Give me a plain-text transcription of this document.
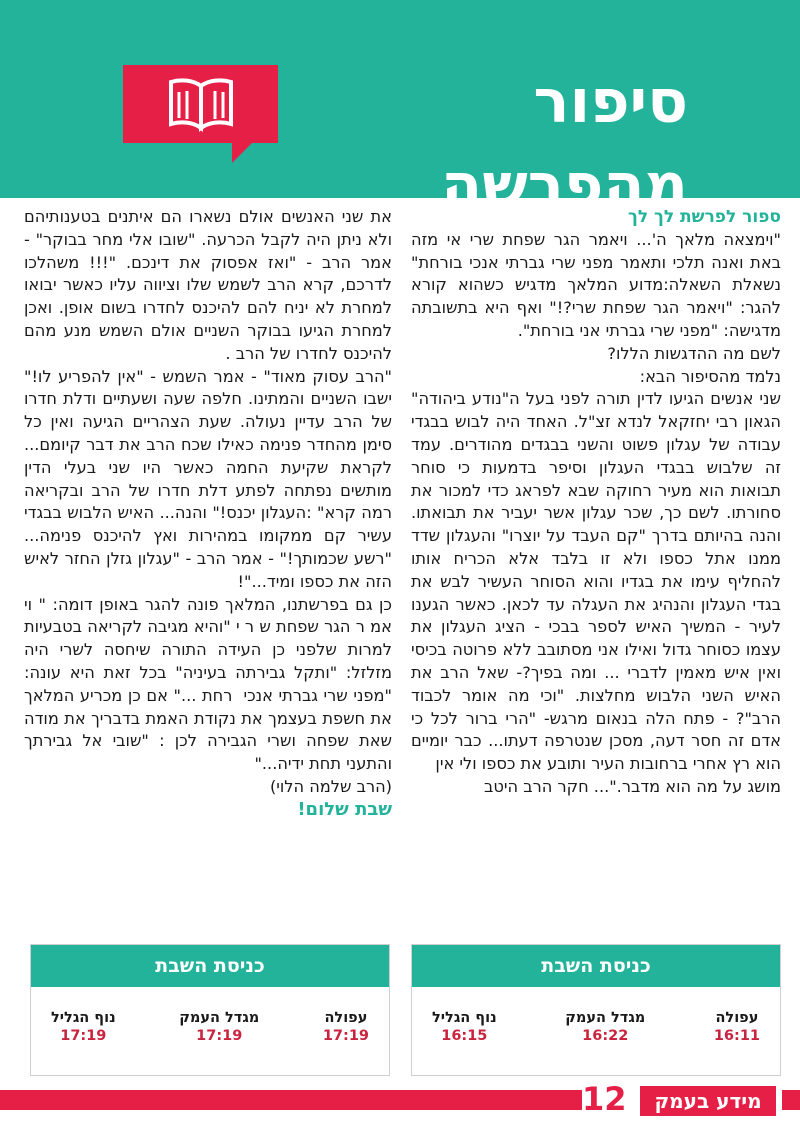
סיפור מהפרשה

ספור לפרשת לך לך

"וימצאה מלאך ה'... ויאמר הגר שפחת שרי אי מזה באת ואנה תלכי ותאמר מפני שרי גברתי אנכי בורחת" נשאלת השאלה:מדוע המלאך מדגיש כשהוא קורא להגר: "ויאמר הגר שפחת שרי?!" ואף היא בתשובתה מדגישה: "מפני שרי גברתי אני בורחת".
לשם מה ההדגשות הללו?
נלמד מהסיפור הבא:
שני אנשים הגיעו לדין תורה לפני בעל ה"נודע ביהודה" הגאון רבי יחזקאל לנדא זצ"ל. האחד היה לבוש בבגדי עבודה של עגלון פשוט והשני בבגדים מהודרים. עמד זה שלבוש בבגדי העגלון וסיפר בדמעות כי סוחר תבואות הוא מעיר רחוקה שבא לפראג כדי למכור את סחורתו. לשם כך, שכר עגלון אשר יעביר את תבואתו. והנה בהיותם בדרך "קם העבד על יוצרו" והעגלון שדד ממנו אתל כספו ולא זו בלבד אלא הכריח אותו להחליף עימו את בגדיו והוא הסוחר העשיר לבש את בגדי העגלון והנהיג את העגלה עד לכאן. כאשר הגענו לעיר - המשיך האיש לספר בבכי - הציג העגלון את עצמו כסוחר גדול ואילו אני מסתובב ללא פרוטה בכיסי ואין איש מאמין לדברי ... ומה בפיך?- שאל הרב את האיש השני הלבוש מחלצות. "וכי מה אומר לכבוד הרב"? - פתח הלה בנאום מרגש- "הרי ברור לכל כי אדם זה חסר דעה, מסכן שנטרפה דעתו... כבר יומיים הוא רץ אחרי ברחובות העיר ותובע את כספו ולי אין
מושג על מה הוא מדבר."... חקר הרב היטב

את שני האנשים אולם נשארו הם איתנים בטענותיהם ולא ניתן היה לקבל הכרעה. "שובו אלי מחר בבוקר" - אמר הרב - "ואז אפסוק את דינכם. "!!! משהלכו לדרכם, קרא הרב לשמש שלו וציווה עליו כאשר יבואו למחרת לא יניח להם להיכנס לחדרו בשום אופן. ואכן למחרת הגיעו בבוקר השניים אולם השמש מנע מהם להיכנס לחדרו של הרב .
"הרב עסוק מאוד" - אמר השמש - "אין להפריע לו!" ישבו השניים והמתינו. חלפה שעה ושעתיים ודלת חדרו של הרב עדיין נעולה. שעת הצהריים הגיעה ואין כל סימן מהחדר פנימה כאילו שכח הרב את דבר קיומם... לקראת שקיעת החמה כאשר היו שני בעלי הדין מותשים נפתחה לפתע דלת חדרו של הרב ובקריאה רמה קרא" :העגלון יכנס!" והנה... האיש הלבוש בבגדי עשיר קם ממקומו במהירות ואץ להיכנס פנימה... "רשע שכמותך!" - אמר הרב - "עגלון גזלן החזר לאיש הזה את כספו ומיד..."!
כן גם בפרשתנו, המלאך פונה להגר באופן דומה: " וי אמ ר הגר שפחת ש ר י "והיא מגיבה לקריאה בטבעיות למרות שלפני כן העידה התורה שיחסה לשרי היה מזלזל: "ותקל גבירתה בעיניה" בכל זאת היא עונה: "מפני שרי גברתי אנכי  רחת ..." אם כן מכריע המלאך את חשפת בעצמך את נקודת האמת בדבריך את מודה שאת שפחה ושרי הגבירה לכן : "שובי אל גבירתך והתעני תחת ידיה..."
(הרב שלמה הלוי)

שבת שלום!

כניסת השבת
עפולה
16:11
מגדל העמק
16:22
נוף הגליל
16:15
כניסת השבת
עפולה
17:19
מגדל העמק
17:19
נוף הגליל
17:19
12	מידע בעמק
